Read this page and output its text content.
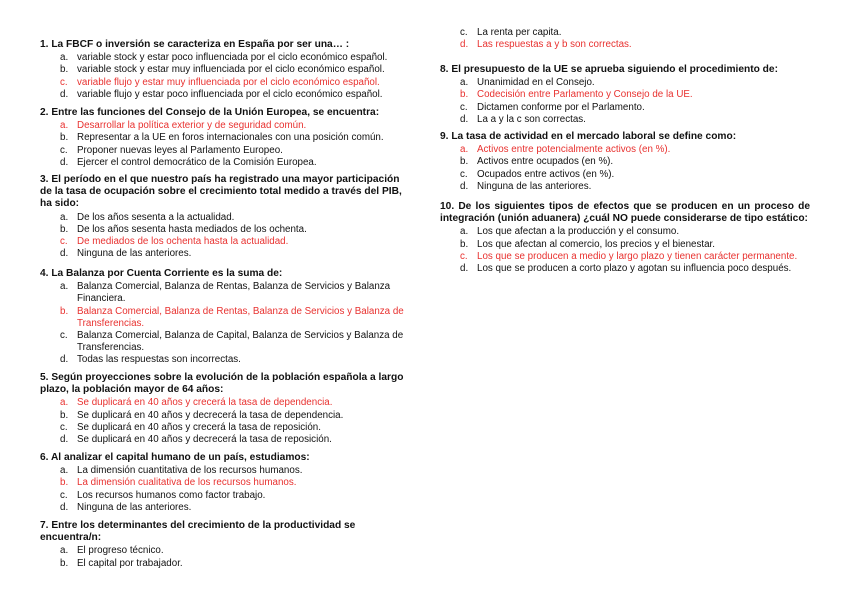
1. La FBCF o inversión se caracteriza en España por ser una… :
a. variable stock y estar poco influenciada por el ciclo económico español.
b. variable stock y estar muy influenciada por el ciclo económico español.
c. variable flujo y estar muy influenciada por el ciclo económico español.
d. variable flujo y estar poco influenciada por el ciclo económico español.
2. Entre las funciones del Consejo de la Unión Europea, se encuentra:
a. Desarrollar la política exterior y de seguridad común.
b. Representar a la UE en foros internacionales con una posición común.
c. Proponer nuevas leyes al Parlamento Europeo.
d. Ejercer el control democrático de la Comisión Europea.
3. El período en el que nuestro país ha registrado una mayor participación de la tasa de ocupación sobre el crecimiento total medido a través del PIB, ha sido:
a. De los años sesenta a la actualidad.
b. De los años sesenta hasta mediados de los ochenta.
c. De mediados de los ochenta hasta la actualidad.
d. Ninguna de las anteriores.
4. La Balanza por Cuenta Corriente es la suma de:
a. Balanza Comercial, Balanza de Rentas, Balanza de Servicios y Balanza Financiera.
b. Balanza Comercial, Balanza de Rentas, Balanza de Servicios y Balanza de Transferencias.
c. Balanza Comercial, Balanza de Capital, Balanza de Servicios y Balanza de Transferencias.
d. Todas las respuestas son incorrectas.
5. Según proyecciones sobre la evolución de la población española a largo plazo, la población mayor de 64 años:
a. Se duplicará en 40 años y crecerá la tasa de dependencia.
b. Se duplicará en 40 años y decrecerá la tasa de dependencia.
c. Se duplicará en 40 años y crecerá la tasa de reposición.
d. Se duplicará en 40 años y decrecerá la tasa de reposición.
6. Al analizar el capital humano de un país, estudiamos:
a. La dimensión cuantitativa de los recursos humanos.
b. La dimensión cualitativa de los recursos humanos.
c. Los recursos humanos como factor trabajo.
d. Ninguna de las anteriores.
7. Entre los determinantes del crecimiento de la productividad se encuentra/n:
a. El progreso técnico.
b. El capital por trabajador.
c. La renta per capita.
d. Las respuestas a y b son correctas.
8. El presupuesto de la UE se aprueba siguiendo el procedimiento de:
a. Unanimidad en el Consejo.
b. Codecisión entre Parlamento y Consejo de la UE.
c. Dictamen conforme por el Parlamento.
d. La a y la c son correctas.
9. La tasa de actividad en el mercado laboral se define como:
a. Activos entre potencialmente activos (en %).
b. Activos entre ocupados (en %).
c. Ocupados entre activos (en %).
d. Ninguna de las anteriores.
10. De los siguientes tipos de efectos que se producen en un proceso de integración (unión aduanera) ¿cuál NO puede considerarse de tipo estático:
a. Los que afectan a la producción y el consumo.
b. Los que afectan al comercio, los precios y el bienestar.
c. Los que se producen a medio y largo plazo y tienen carácter permanente.
d. Los que se producen a corto plazo y agotan su influencia poco después.
